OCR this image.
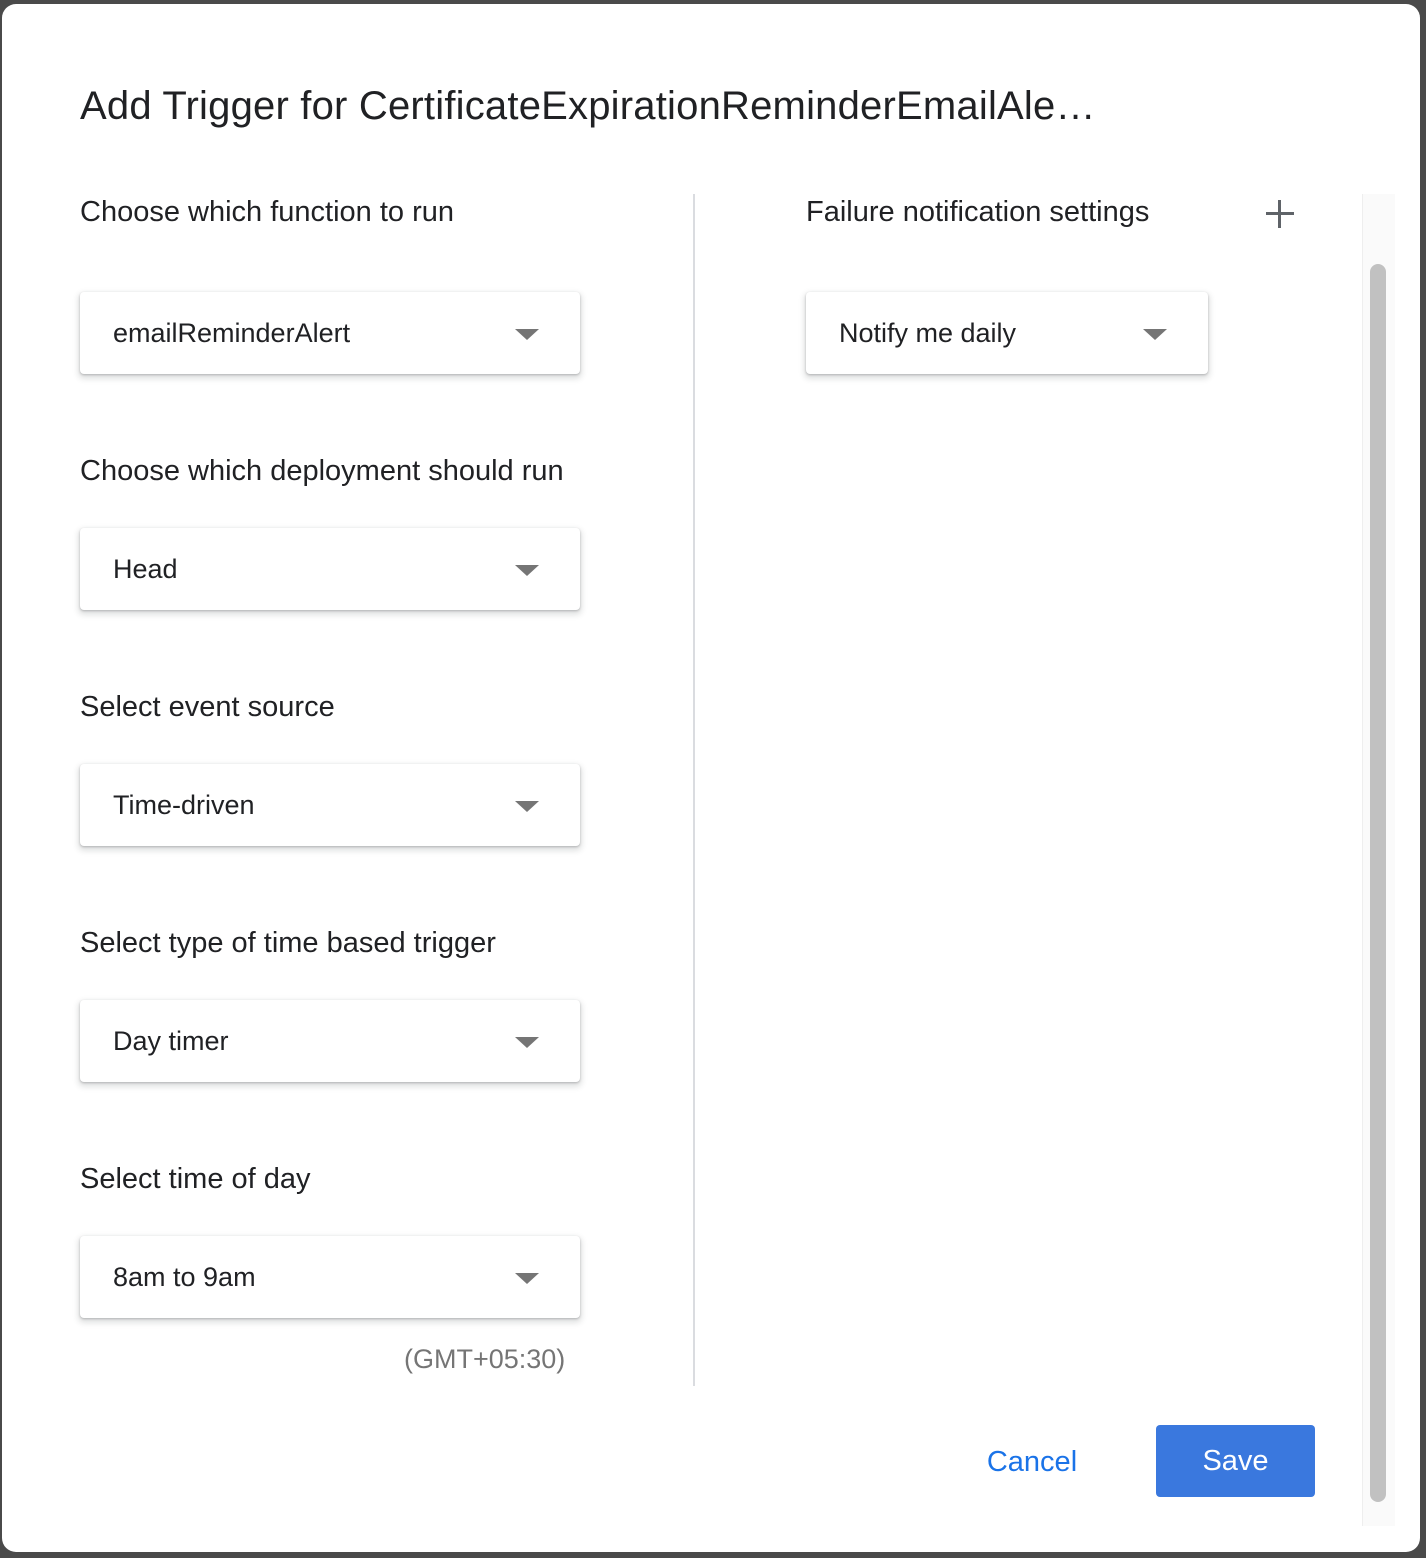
Add Trigger for CertificateExpirationReminderEmailAle…
Choose which function to run
emailReminderAlert
Choose which deployment should run
Head
Select event source
Time-driven
Select type of time based trigger
Day timer
Select time of day
8am to 9am
(GMT+05:30)
Failure notification settings
Notify me daily
Cancel	Save
